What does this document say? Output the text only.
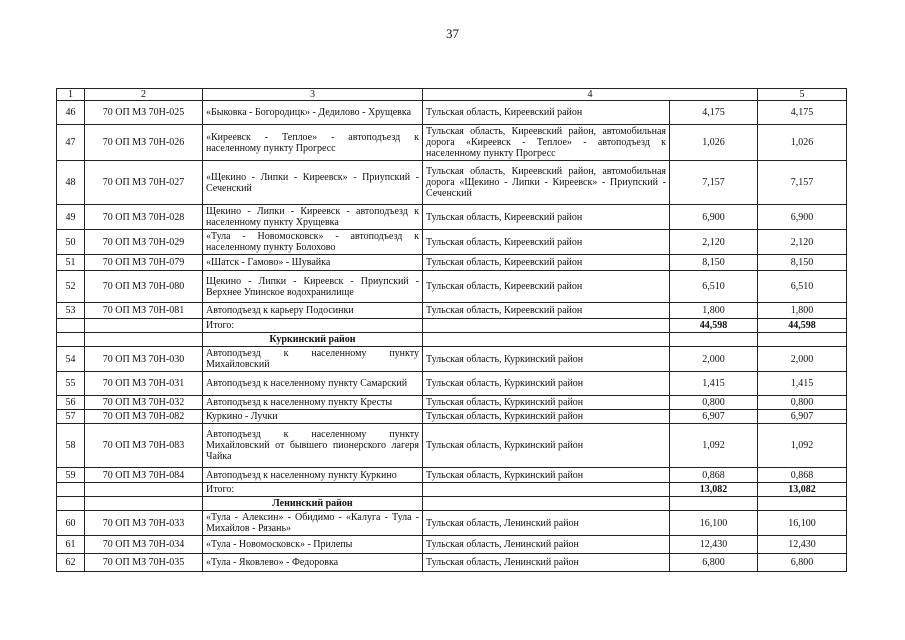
37
1	2	3	4		5
46	70 ОП МЗ 70Н-025	«Быковка - Богородицк» - Дедилово - Хрущевка	Тульская область, Киреевский район	4,175	4,175
47	70 ОП МЗ 70Н-026	«Киреевск - Теплое» - автоподъезд к населенному пункту Прогресс	Тульская область, Киреевский район, автомобильная дорога «Киреевск - Теплое» - автоподъезд к населенному пункту Прогресс	1,026	1,026
48	70 ОП МЗ 70Н-027	«Щекино - Липки - Киреевск» - Приупский - Сеченский	Тульская область, Киреевский район, автомобильная дорога «Щекино - Липки - Киреевск» - Приупский - Сеченский	7,157	7,157
49	70 ОП МЗ 70Н-028	Щекино - Липки - Киреевск - автоподъезд к населенному пункту Хрущевка	Тульская область, Киреевский район	6,900	6,900
50	70 ОП МЗ 70Н-029	«Тула - Новомосковск» - автоподъезд к населенному пункту Болохово	Тульская область, Киреевский район	2,120	2,120
51	70 ОП МЗ 70Н-079	«Шатск - Гамово» - Шувайка	Тульская область, Киреевский район	8,150	8,150
52	70 ОП МЗ 70Н-080	Щекино - Липки - Киреевск - Приупский - Верхнее Упинское водохранилище	Тульская область, Киреевский район	6,510	6,510
53	70 ОП МЗ 70Н-081	Автоподъезд к карьеру Подосинки	Тульская область, Киреевский район	1,800	1,800
		Итого:		44,598	44,598
		Куркинский район			
54	70 ОП МЗ 70Н-030	Автоподъезд к населенному пункту Михайловский	Тульская область, Куркинский район	2,000	2,000
55	70 ОП МЗ 70Н-031	Автоподъезд к населенному пункту Самарский	Тульская область, Куркинский район	1,415	1,415
56	70 ОП МЗ 70Н-032	Автоподъезд к населенному пункту Кресты	Тульская область, Куркинский район	0,800	0,800
57	70 ОП МЗ 70Н-082	Куркино - Лучки	Тульская область, Куркинский район	6,907	6,907
58	70 ОП МЗ 70Н-083	Автоподъезд к населенному пункту Михайловский от бывшего пионерского лагеря Чайка	Тульская область, Куркинский район	1,092	1,092
59	70 ОП МЗ 70Н-084	Автоподъезд к населенному пункту Куркино	Тульская область, Куркинский район	0,868	0,868
		Итого:		13,082	13,082
		Ленинский район			
60	70 ОП МЗ 70Н-033	«Тула - Алексин» - Обидимо - «Калуга - Тула - Михайлов - Рязань»	Тульская область, Ленинский район	16,100	16,100
61	70 ОП МЗ 70Н-034	«Тула - Новомосковск» - Прилепы	Тульская область, Ленинский район	12,430	12,430
62	70 ОП МЗ 70Н-035	«Тула - Яковлево» - Федоровка	Тульская область, Ленинский район	6,800	6,800
